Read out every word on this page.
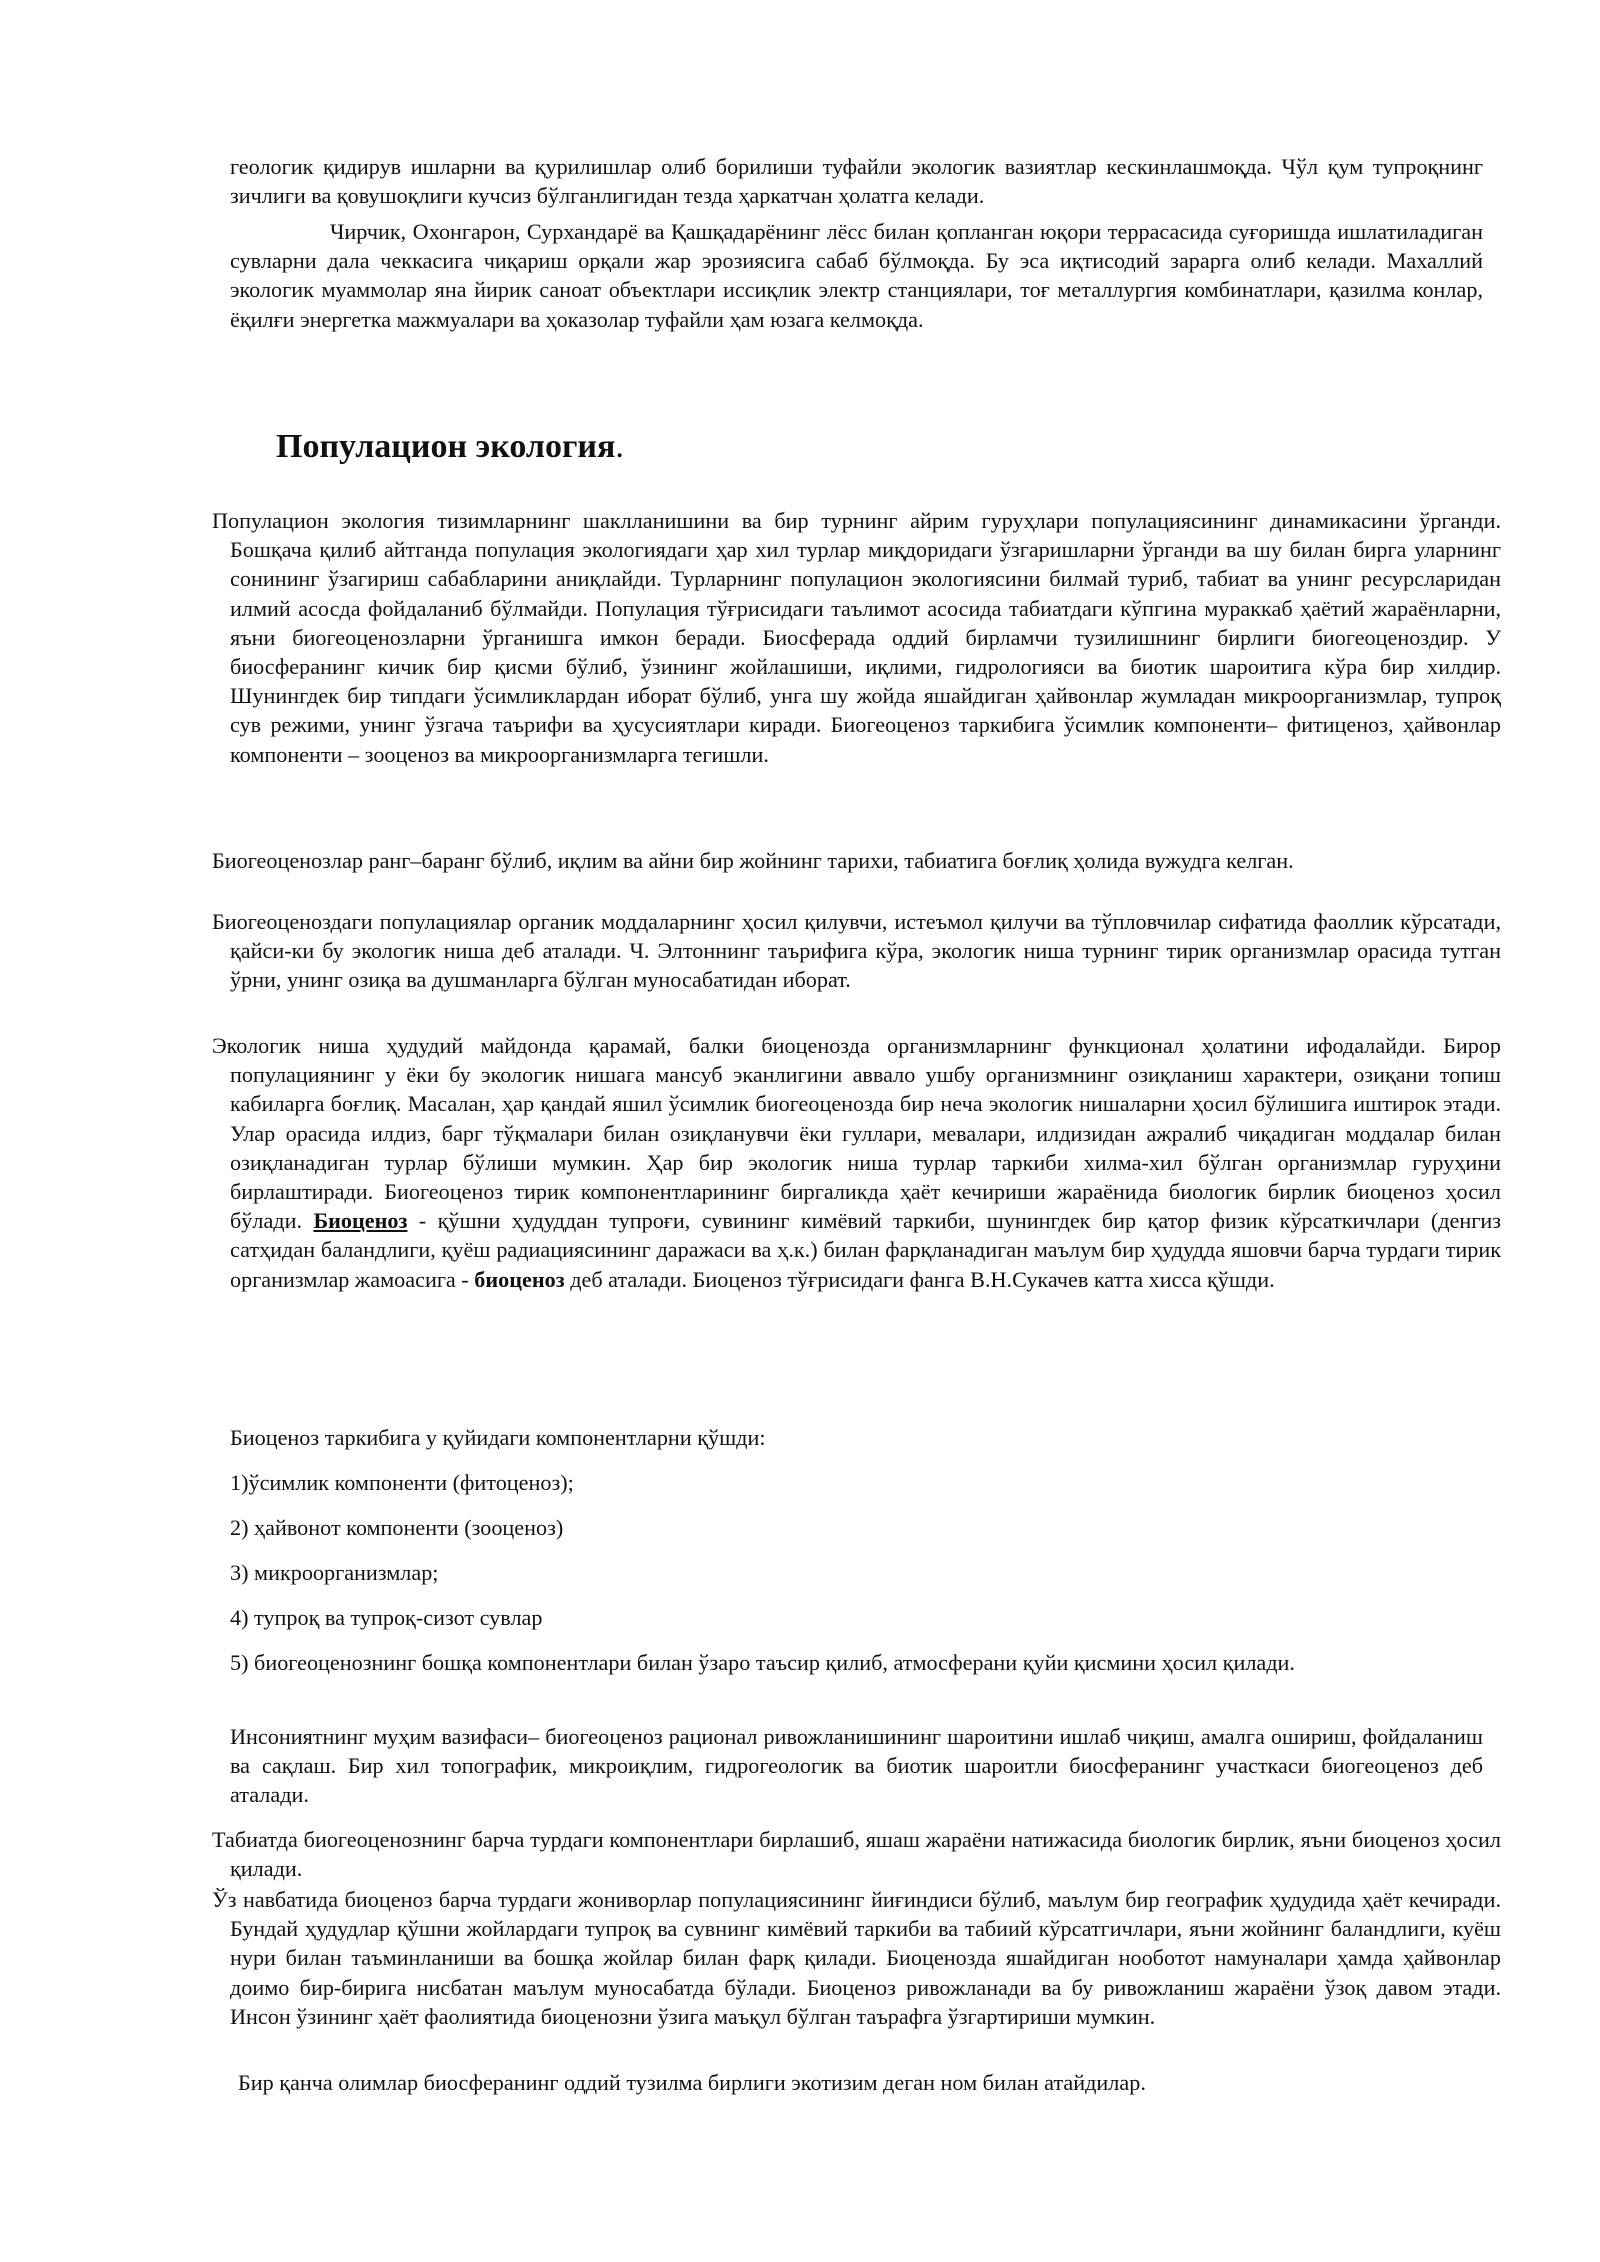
геологик қидирув ишларни ва қурилишлар олиб борилиши туфайли экологик вазиятлар кескинлашмоқда. Чўл қум тупроқнинг зичлиги ва қовушоқлиги кучсиз бўлганлигидан тезда ҳаркатчан ҳолатга келади.

Чирчик, Охонгарон, Сурхандарё ва Қашқадарёнинг лёсс билан қопланган юқори террасасида суғоришда ишлатиладиган сувларни дала чеккасига чиқариш орқали жар эрозиясига сабаб бўлмоқда. Бу эса иқтисодий зарарга олиб келади. Махаллий экологик муаммолар яна йирик саноат объектлари иссиқлик электр станциялари, тоғ металлургия комбинатлари, қазилма конлар, ёқилғи энергетка мажмуалари ва ҳоказолар туфайли ҳам юзага келмоқда.

Популацион экология.

Популацион экология тизимларнинг шаклланишини ва бир турнинг айрим гуруҳлари популациясининг динамикасини ўрганди. Бошқача қилиб айтганда популация экологиядаги ҳар хил турлар миқдоридаги ўзгаришларни ўрганди ва шу билан бирга уларнинг сонининг ўзагириш сабабларини аниқлайди. Турларнинг популацион экологиясини билмай туриб, табиат ва унинг ресурсларидан илмий асосда фойдаланиб бўлмайди. Популация тўғрисидаги таълимот асосида табиатдаги кўпгина мураккаб ҳаётий жараёнларни, яъни биогеоценозларни ўрганишга имкон беради. Биосферада оддий бирламчи тузилишнинг бирлиги биогеоценоздир. У биосфеpанинг кичик бир қисми бўлиб, ўзининг жойлашиши, иқлими, гидрологияси ва биотик шароитига кўра бир хилдир. Шунингдек бир типдаги ўсимликлардан иборат бўлиб, унга шу жойда яшайдиган ҳайвонлар жумладан микроорганизмлар, тупроқ сув режими, унинг ўзгача таърифи ва ҳусусиятлари киради. Биогеоценоз таркибига ўсимлик компоненти– фитиценоз, ҳайвонлар компоненти – зооценоз ва микроорганизмларга тегишли.

Биогеоценозлар ранг–баранг бўлиб, иқлим ва айни бир жойнинг тарихи, табиатига боғлиқ ҳолида вужудга келган.

Биогеоценоздаги популациялар органик моддаларнинг ҳосил қилувчи, истеъмол қилучи ва тўпловчилар сифатида фаоллик кўрсатади, қайси-ки бу экологик ниша деб аталади. Ч. Элтоннинг таърифига кўра, экологик ниша турнинг тирик организмлар орасида тутган ўрни, унинг озиқа ва душманларга бўлган муносабатидан иборат.

Экологик ниша ҳудудий майдонда қарамай, балки биоценозда организмларнинг функционал ҳолатини ифодалайди. Бирор популациянинг у ёки бу экологик нишага мансуб эканлигини аввало ушбу организмнинг озиқланиш характери, озиқани топиш кабиларга боғлиқ. Масалан, ҳар қандай яшил ўсимлик биогеоценозда бир неча экологик нишаларни ҳосил бўлишига иштирок этади. Улар орасида илдиз, барг тўқмалари билан озиқланувчи ёки гуллари, мевалари, илдизидан ажралиб чиқадиган моддалар билан озиқланадиган турлар бўлиши мумкин. Ҳар бир экологик ниша турлар таркиби хилма-хил бўлган организмлар гуруҳини бирлаштиради. Биогеоценоз тирик компонентларининг биргаликда ҳаёт кечириши жараёнида биологик бирлик биоценоз ҳосил бўлади. Биоценоз - қўшни ҳудуддан тупроғи, сувининг кимёвий таркиби, шунингдек бир қатор физик кўрсаткичлари (денгиз сатҳидан баландлиги, қуёш радиациясининг даражаси ва ҳ.к.) билан фарқланадиган маълум бир ҳудудда яшовчи барча турдаги тирик организмлар жамоасига - биоценоз деб аталади. Биоценоз тўғрисидаги фанга В.Н.Сукачев катта хисса қўшди.

Биоценоз таркибига у қуйидаги компонентларни қўшди:

1)ўсимлик компоненти (фитоценоз);

2) ҳайвонот компоненти (зооценоз)

3) микроорганизмлар;

4) тупроқ ва тупроқ-сизот сувлар

5) биогеоценознинг бошқа компонентлари билан ўзаро таъсир қилиб, атмосферани қуйи қисмини ҳосил қилади.

Инсониятнинг муҳим вазифаси– биогеоценоз рационал ривожланишининг шароитини ишлаб чиқиш, амалга ошириш, фойдаланиш ва сақлаш. Бир хил топографик, микроиқлим, гидрогеологик ва биотик шароитли биосферанинг участкаси биогеоценоз деб аталади.

Табиатда биогеоценознинг барча турдаги компонентлари бирлашиб, яшаш жараёни натижасида биологик бирлик, яъни биоценоз ҳосил қилади.

Ўз навбатида биоценоз барча турдаги жониворлар популациясининг йиғиндиси бўлиб, маълум бир географик ҳудудида ҳаёт кечиради. Бундай ҳудудлар қўшни жойлардаги тупроқ ва сувнинг кимёвий таркиби ва табиий кўрсатгичлари, яъни жойнинг баландлиги, куёш нури билан таъминланиши ва бошқа жойлар билан фарқ қилади. Биоценозда яшайдиган нообoтот намуналари ҳамда ҳайвонлар доимо бир-бирига нисбатан маълум муносабатда бўлади. Биоценоз ривожланади ва бу ривожланиш жараёни ўзоқ давом этади. Инсон ўзининг ҳаёт фаолиятида биоценозни ўзига маъқул бўлган таърафга ўзгартириши мумкин.

Бир қанча олимлар биосферанинг оддий тузилма бирлиги экотизим деган ном билан атайдилар.
